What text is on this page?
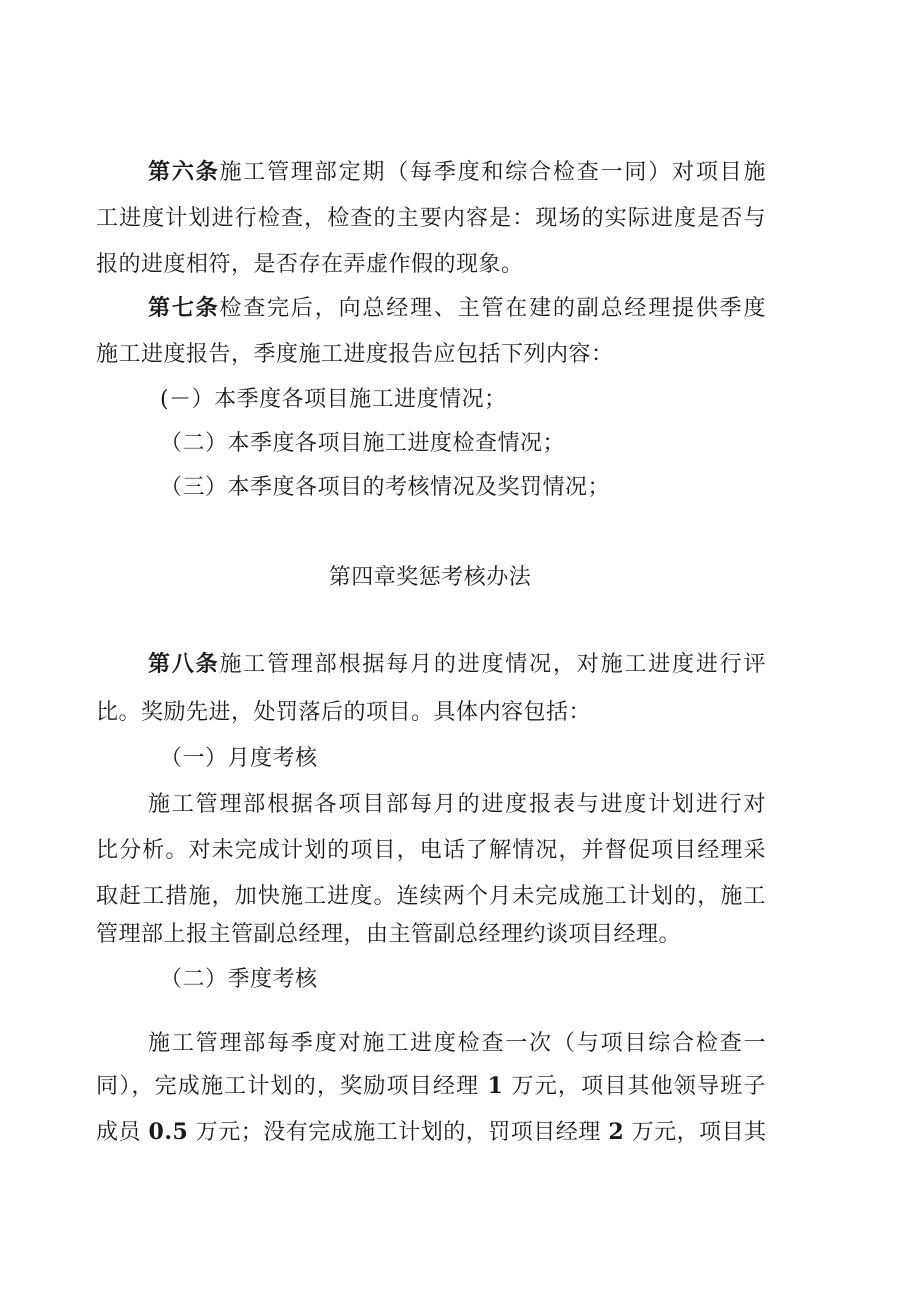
第六条施工管理部定期（每季度和综合检查一同）对项目施
工进度计划进行检查，检查的主要内容是：现场的实际进度是否与
报的进度相符，是否存在弄虚作假的现象。
第七条检查完后，向总经理、主管在建的副总经理提供季度
施工进度报告，季度施工进度报告应包括下列内容：
(－）本季度各项目施工进度情况；
（二）本季度各项目施工进度检查情况；
（三）本季度各项目的考核情况及奖罚情况；
第四章奖惩考核办法
第八条施工管理部根据每月的进度情况，对施工进度进行评
比。奖励先进，处罚落后的项目。具体内容包括：
（一）月度考核
施工管理部根据各项目部每月的进度报表与进度计划进行对
比分析。对未完成计划的项目，电话了解情况，并督促项目经理采
取赶工措施，加快施工进度。连续两个月未完成施工计划的，施工
管理部上报主管副总经理，由主管副总经理约谈项目经理。
（二）季度考核
施工管理部每季度对施工进度检查一次（与项目综合检查一
同），完成施工计划的，奖励项目经理 1 万元，项目其他领导班子
成员 0.5 万元；没有完成施工计划的，罚项目经理 2 万元，项目其
